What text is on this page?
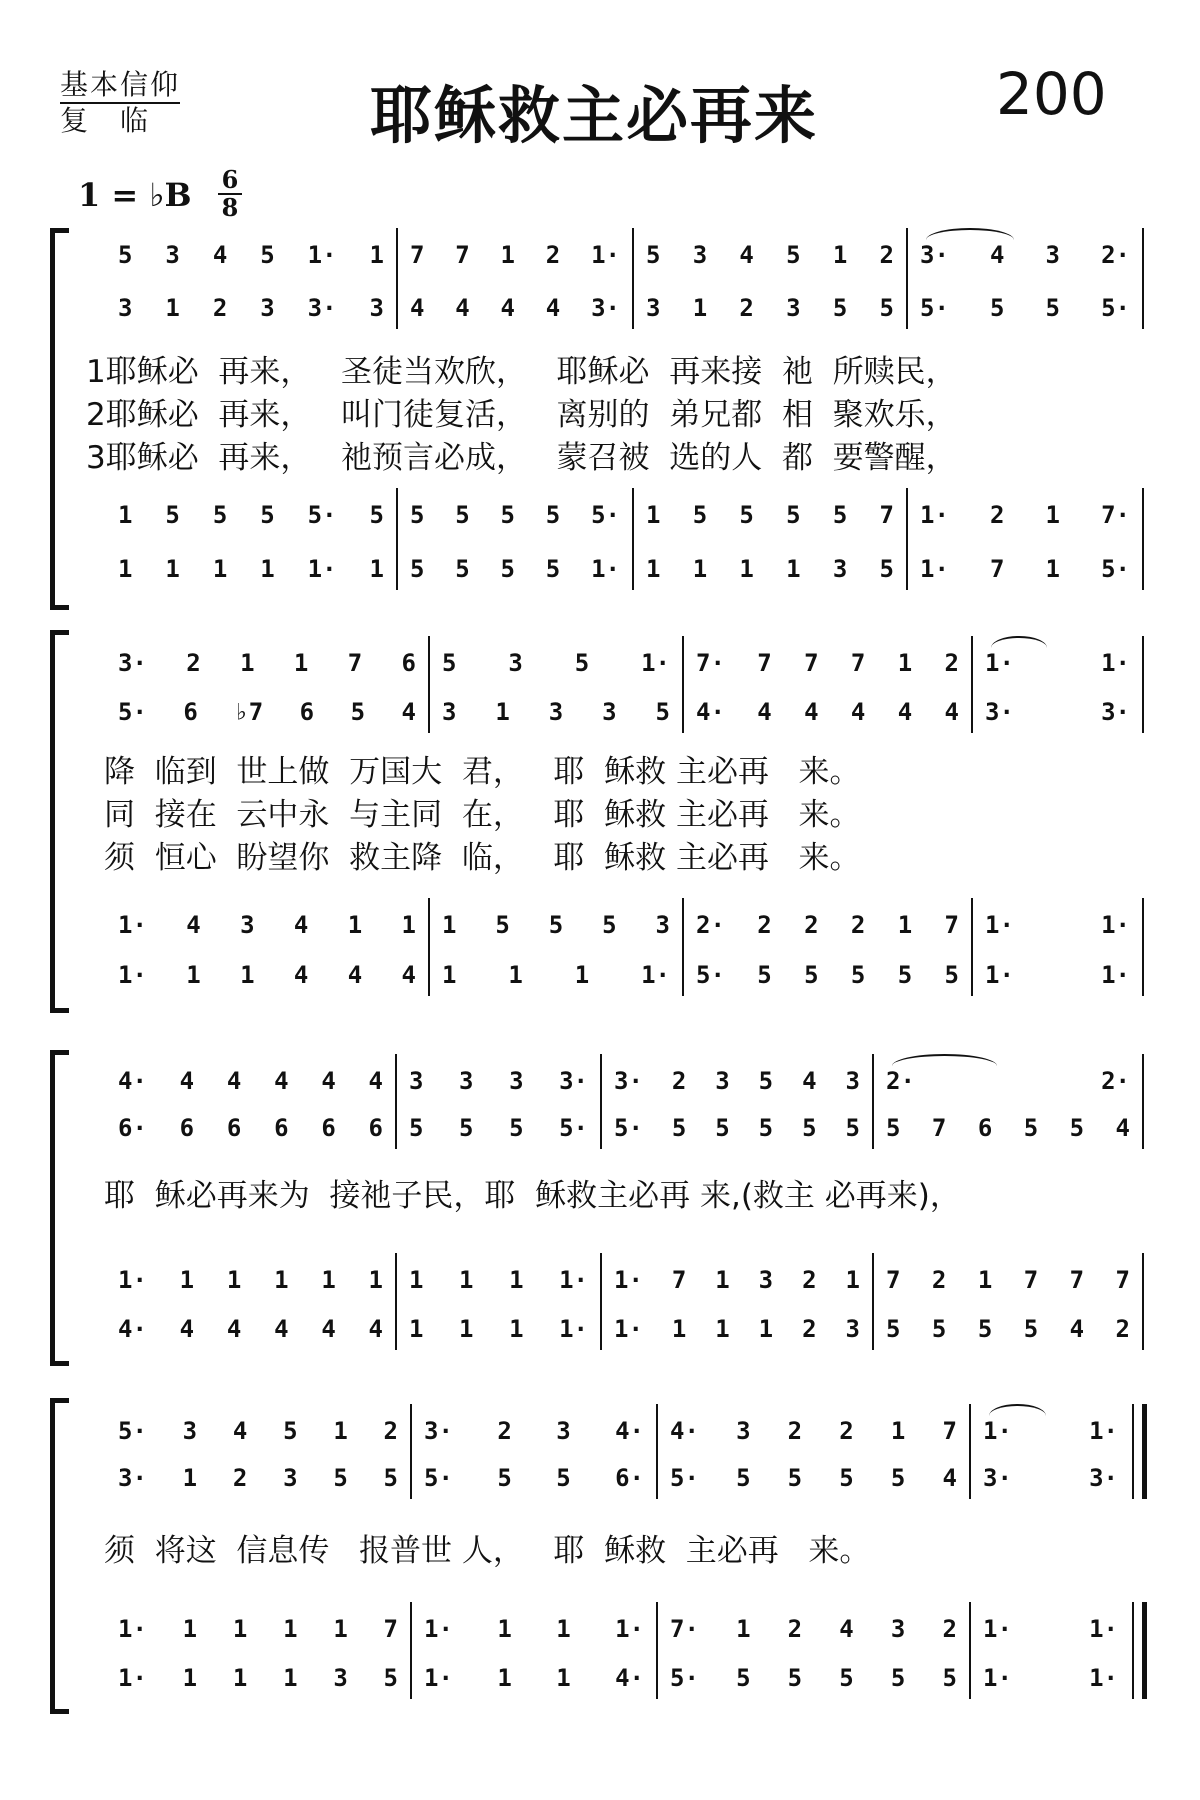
基本信仰
复　临	耶稣救主必再来	200
1 = ♭B 6
8
5 3 4 5 1· 1 7 7 1 2 1· 5 3 4 5 1 2 3· 4 3 2·
3 1 2 3 3· 3 4 4 4 4 3· 3 1 2 3 5 5 5· 5 5 5·
1 5 5 5 5· 5 5 5 5 5 5· 1 5 5 5 5 7 1· 2 1 7·
1 1 1 1 1· 1 5 5 5 5 1· 1 1 1 1 3 5 1· 7 1 5·
1耶稣必  再来，   圣徒当欢欣，   耶稣必  再来接  祂  所赎民，
2耶稣必  再来，   叫门徒复活，   离别的  弟兄都  相  聚欢乐，
3耶稣必  再来，   祂预言必成，   蒙召被  选的人  都  要警醒，
3· 2 1 1 7 6 5 3 5 1· 7· 7 7 7 1 2 1·	1·
5· 6 ♭7 6 5 4 3 1 3 3 5 4· 4 4 4 4 4 3·	3·
1· 4 3 4 1 1 1 5 5 5 3 2· 2 2 2 1 7 1·	1·
1· 1 1 4 4 4 1 1 1 1· 5· 5 5 5 5 5 1·	1·
降  临到  世上做  万国大  君，   耶  稣救 主必再   来。
同  接在  云中永  与主同  在，   耶  稣救 主必再   来。
须  恒心  盼望你  救主降  临，   耶  稣救 主必再   来。
4· 4 4 4 4 4 3 3 3 3· 3· 2 3 5 4 3 2·	2·
6· 6 6 6 6 6 5 5 5 5· 5· 5 5 5 5 5 5 7 6 5 5 4
1· 1 1 1 1 1 1 1 1 1· 1· 7 1 3 2 1 7 2 1 7 7 7
4· 4 4 4 4 4 1 1 1 1· 1· 1 1 1 2 3 5 5 5 5 4 2
耶  稣必再来为  接祂子民，耶  稣救主必再 来,(救主 必再来)，
5· 3 4 5 1 2 3· 2 3 4· 4· 3 2 2 1 7 1·	1·
3· 1 2 3 5 5 5· 5 5 6· 5· 5 5 5 5 4 3·	3·
1· 1 1 1 1 7 1· 1 1 1· 7· 1 2 4 3 2 1·	1·
1· 1 1 1 3 5 1· 1 1 4· 5· 5 5 5 5 5 1·	1·
须  将这  信息传   报普世 人，   耶  稣救  主必再   来。
